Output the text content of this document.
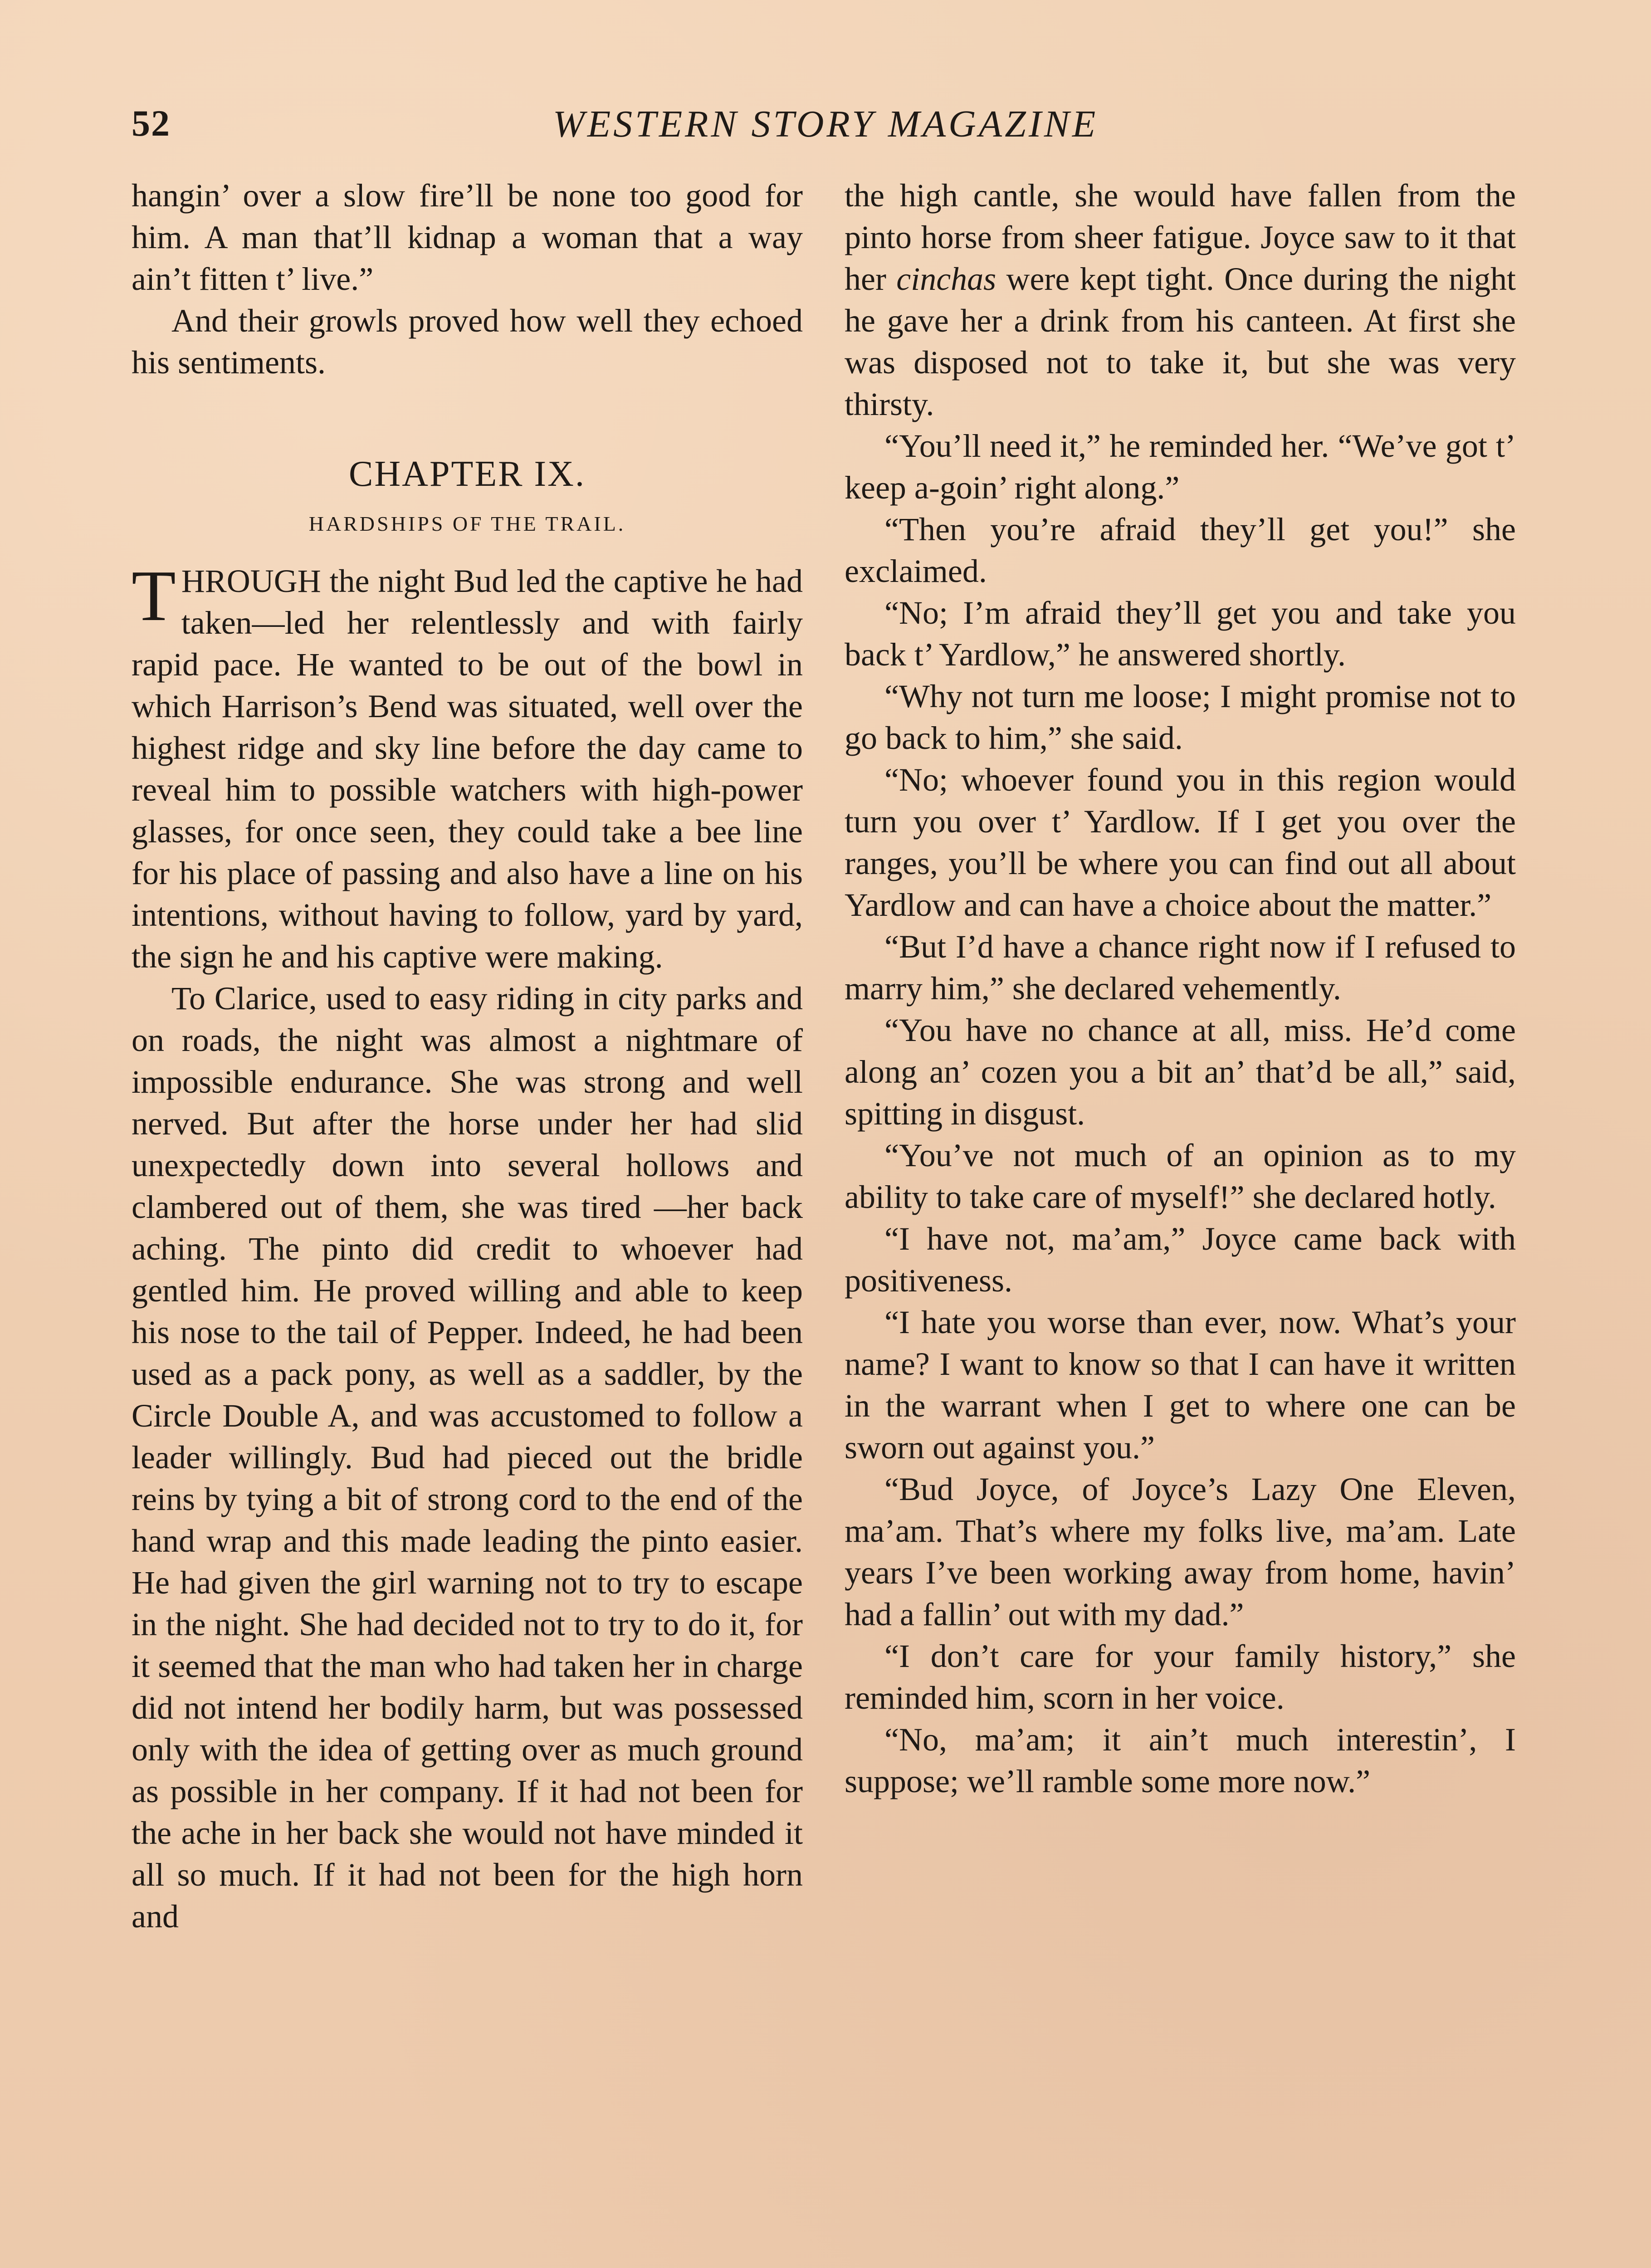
52	WESTERN STORY MAGAZINE

hangin’ over a slow fire’ll be none too good for him. A man that’ll kidnap a woman that a way ain’t fitten t’ live.”

And their growls proved how well they echoed his sentiments.

CHAPTER IX.
HARDSHIPS OF THE TRAIL.

THROUGH the night Bud led the captive he had taken—led her relentlessly and with fairly rapid pace. He wanted to be out of the bowl in which Harrison’s Bend was situated, well over the highest ridge and sky line before the day came to reveal him to possible watchers with high-power glasses, for once seen, they could take a bee line for his place of passing and also have a line on his intentions, without having to follow, yard by yard, the sign he and his captive were making.

To Clarice, used to easy riding in city parks and on roads, the night was almost a nightmare of impossible endurance. She was strong and well nerved. But after the horse under her had slid unexpectedly down into several hollows and clambered out of them, she was tired —her back aching. The pinto did credit to whoever had gentled him. He proved willing and able to keep his nose to the tail of Pepper. Indeed, he had been used as a pack pony, as well as a saddler, by the Circle Double A, and was accustomed to follow a leader willingly. Bud had pieced out the bridle reins by tying a bit of strong cord to the end of the hand wrap and this made leading the pinto easier. He had given the girl warning not to try to escape in the night. She had decided not to try to do it, for it seemed that the man who had taken her in charge did not intend her bodily harm, but was possessed only with the idea of getting over as much ground as possible in her company. If it had not been for the ache in her back she would not have minded it all so much. If it had not been for the high horn and

the high cantle, she would have fallen from the pinto horse from sheer fatigue. Joyce saw to it that her cinchas were kept tight. Once during the night he gave her a drink from his canteen. At first she was disposed not to take it, but she was very thirsty.

“You’ll need it,” he reminded her. “We’ve got t’ keep a-goin’ right along.”

“Then you’re afraid they’ll get you!” she exclaimed.

“No; I’m afraid they’ll get you and take you back t’ Yardlow,” he answered shortly.

“Why not turn me loose; I might promise not to go back to him,” she said.

“No; whoever found you in this region would turn you over t’ Yardlow. If I get you over the ranges, you’ll be where you can find out all about Yardlow and can have a choice about the matter.”

“But I’d have a chance right now if I refused to marry him,” she declared vehemently.

“You have no chance at all, miss. He’d come along an’ cozen you a bit an’ that’d be all,” said, spitting in disgust.

“You’ve not much of an opinion as to my ability to take care of myself!” she declared hotly.

“I have not, ma’am,” Joyce came back with positiveness.

“I hate you worse than ever, now. What’s your name? I want to know so that I can have it written in the warrant when I get to where one can be sworn out against you.”

“Bud Joyce, of Joyce’s Lazy One Eleven, ma’am. That’s where my folks live, ma’am. Late years I’ve been working away from home, havin’ had a fallin’ out with my dad.”

“I don’t care for your family history,” she reminded him, scorn in her voice.

“No, ma’am; it ain’t much interestin’, I suppose; we’ll ramble some more now.”
